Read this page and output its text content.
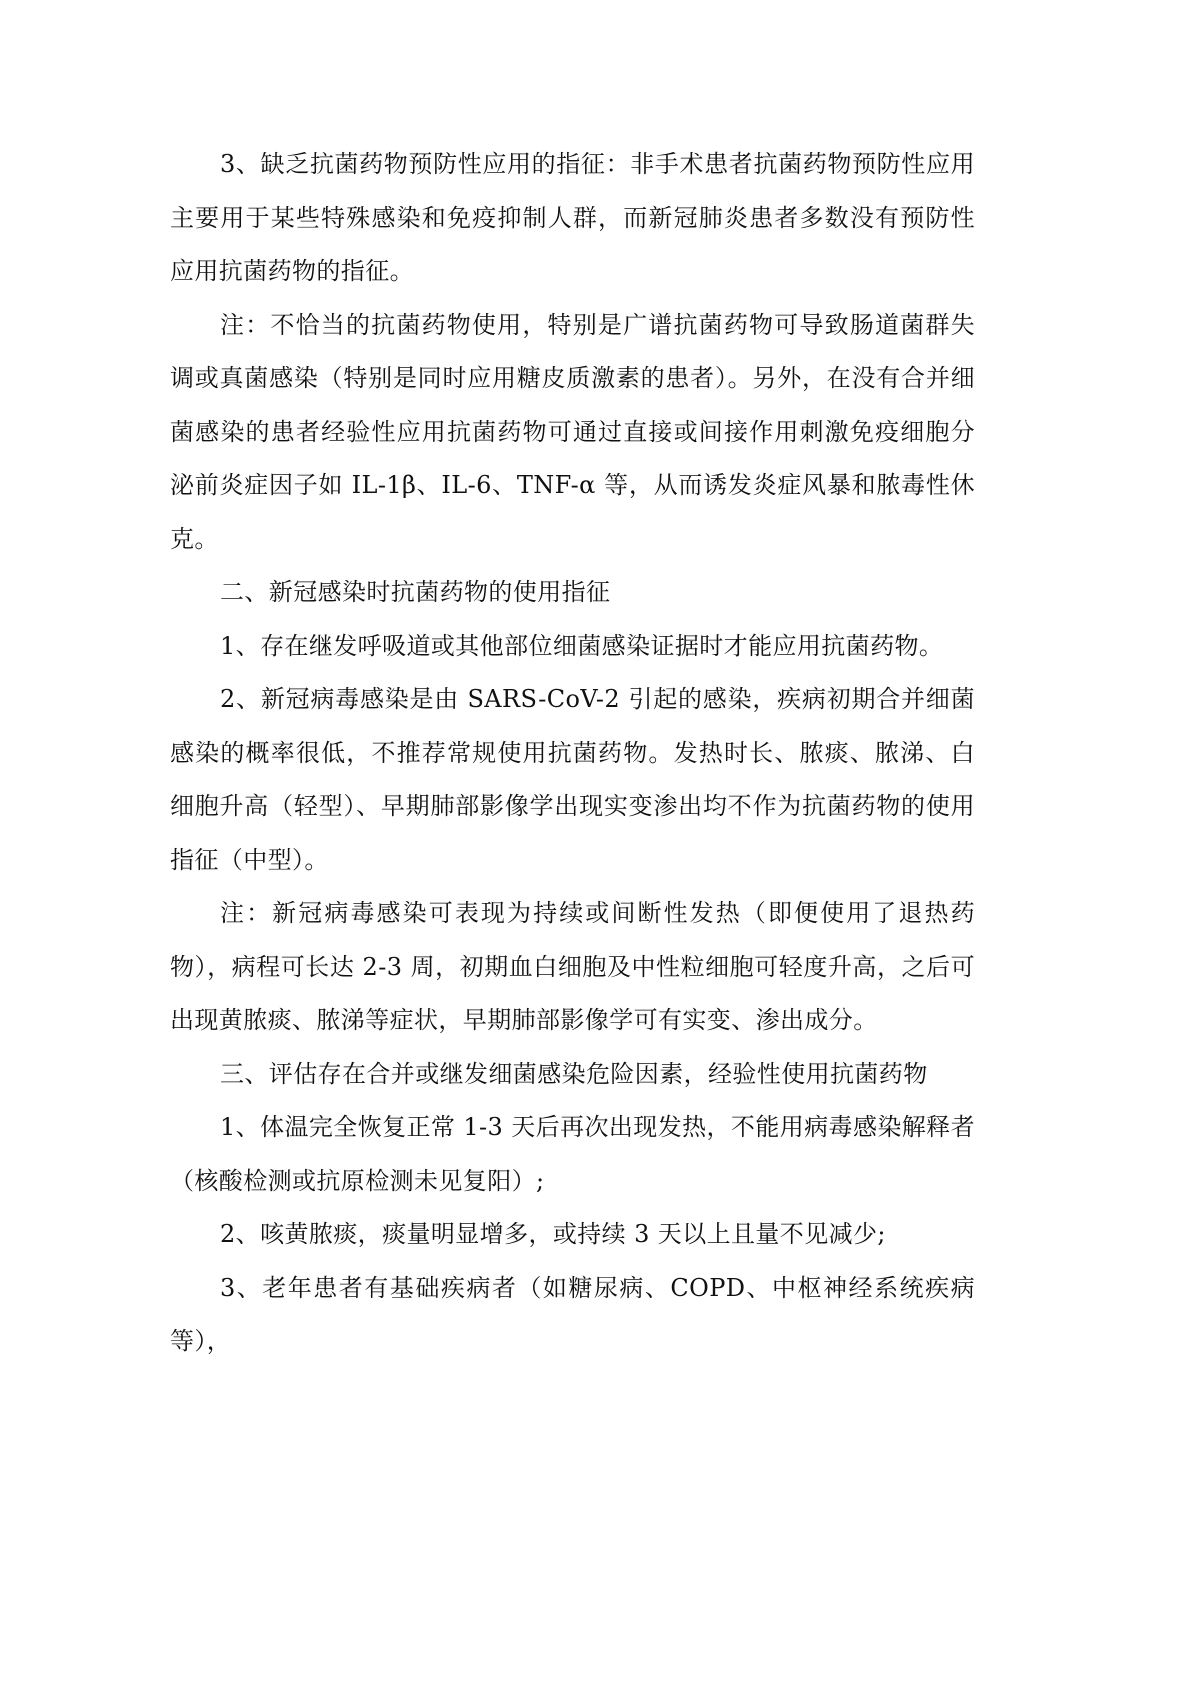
3、缺乏抗菌药物预防性应用的指征：非手术患者抗菌药物预防性应用主要用于某些特殊感染和免疫抑制人群，而新冠肺炎患者多数没有预防性应用抗菌药物的指征。

注：不恰当的抗菌药物使用，特别是广谱抗菌药物可导致肠道菌群失调或真菌感染（特别是同时应用糖皮质激素的患者）。另外，在没有合并细菌感染的患者经验性应用抗菌药物可通过直接或间接作用刺激免疫细胞分泌前炎症因子如 IL-1β、IL-6、TNF-α 等，从而诱发炎症风暴和脓毒性休克。

二、新冠感染时抗菌药物的使用指征

1、存在继发呼吸道或其他部位细菌感染证据时才能应用抗菌药物。

2、新冠病毒感染是由 SARS-CoV-2 引起的感染，疾病初期合并细菌感染的概率很低，不推荐常规使用抗菌药物。发热时长、脓痰、脓涕、白细胞升高（轻型）、早期肺部影像学出现实变渗出均不作为抗菌药物的使用指征（中型）。

注：新冠病毒感染可表现为持续或间断性发热（即便使用了退热药物），病程可长达 2-3 周，初期血白细胞及中性粒细胞可轻度升高，之后可出现黄脓痰、脓涕等症状，早期肺部影像学可有实变、渗出成分。

三、评估存在合并或继发细菌感染危险因素，经验性使用抗菌药物

1、体温完全恢复正常 1-3 天后再次出现发热，不能用病毒感染解释者（核酸检测或抗原检测未见复阳）;

2、咳黄脓痰，痰量明显增多，或持续 3 天以上且量不见减少;

3、老年患者有基础疾病者（如糖尿病、COPD、中枢神经系统疾病等），
